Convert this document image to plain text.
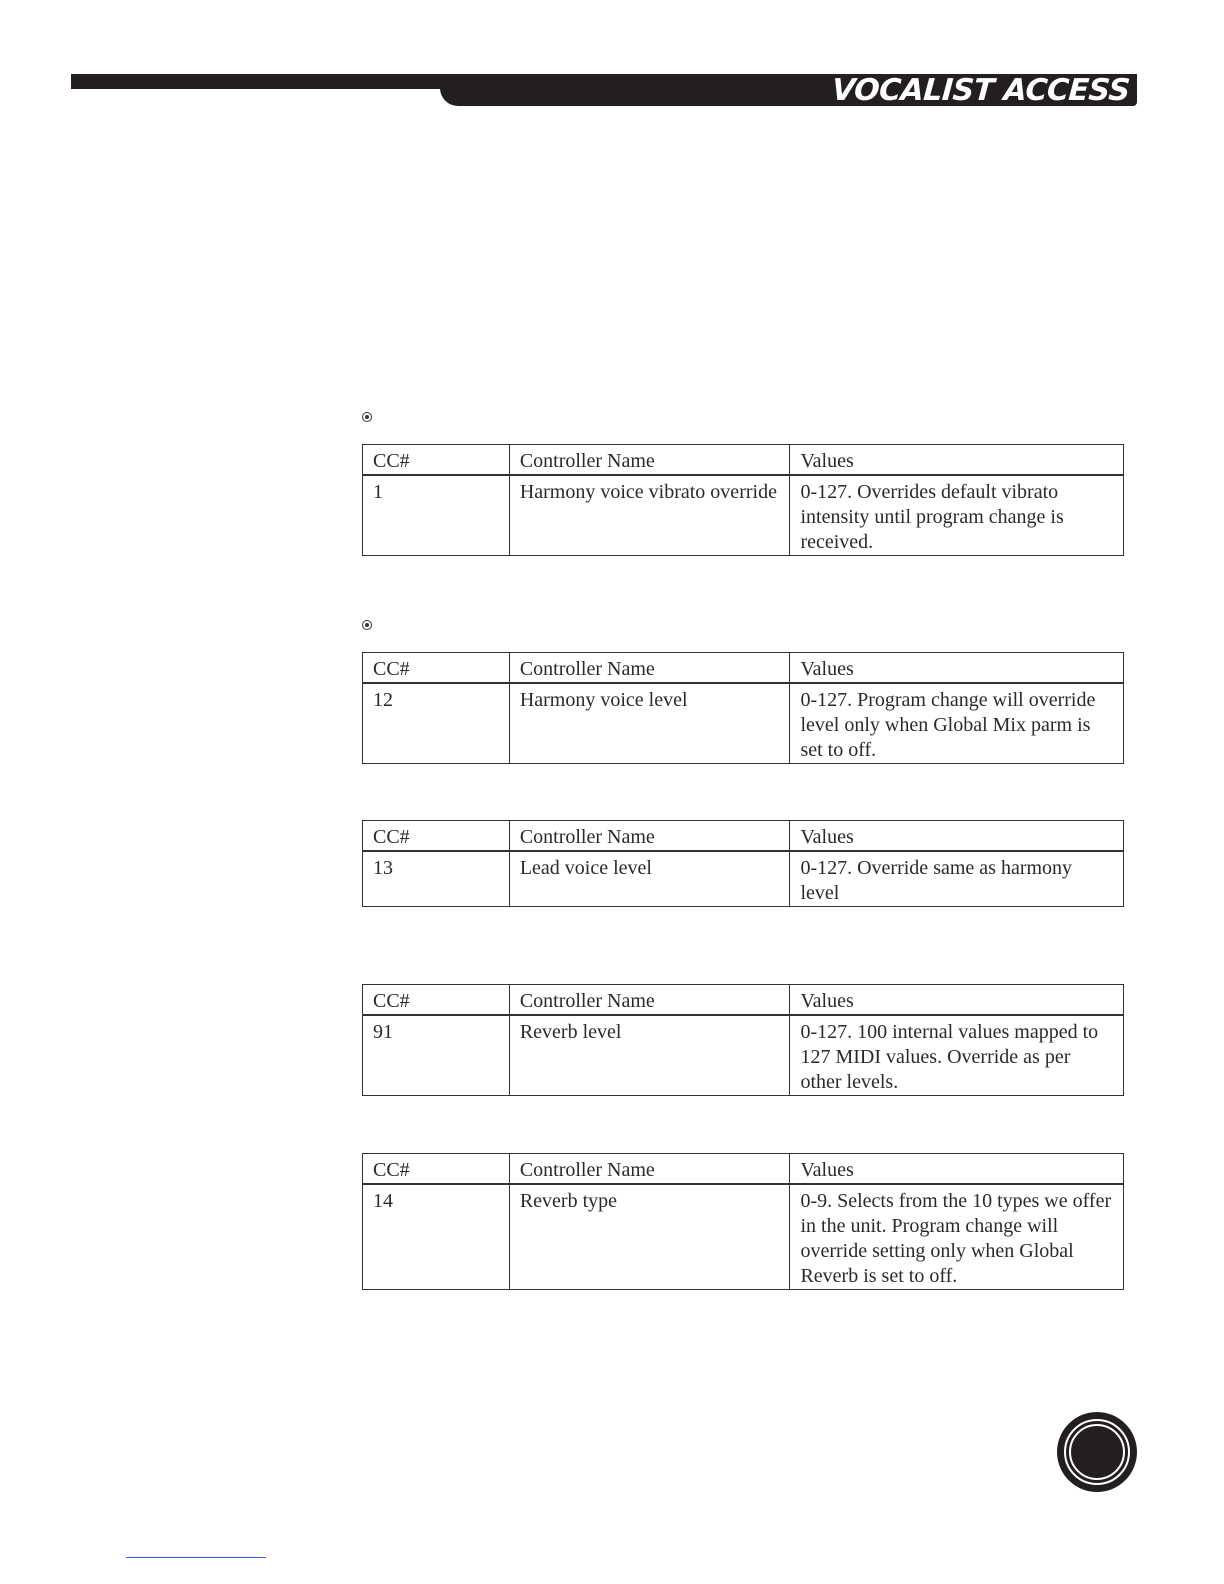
VOCALIST ACCESS
CC#	Controller Name	Values
1	Harmony voice vibrato override	0-127. Overrides default vibrato intensity until program change is received.
CC#	Controller Name	Values
12	Harmony voice level	0-127. Program change will override level only when Global Mix parm is set to off.
CC#	Controller Name	Values
13	Lead voice level	0-127. Override same as harmony level
CC#	Controller Name	Values
91	Reverb level	0-127. 100 internal values mapped to 127 MIDI values. Override as per other levels.
CC#	Controller Name	Values
14	Reverb type	0-9. Selects from the 10 types we offer in the unit. Program change will override setting only when Global Reverb is set to off.
